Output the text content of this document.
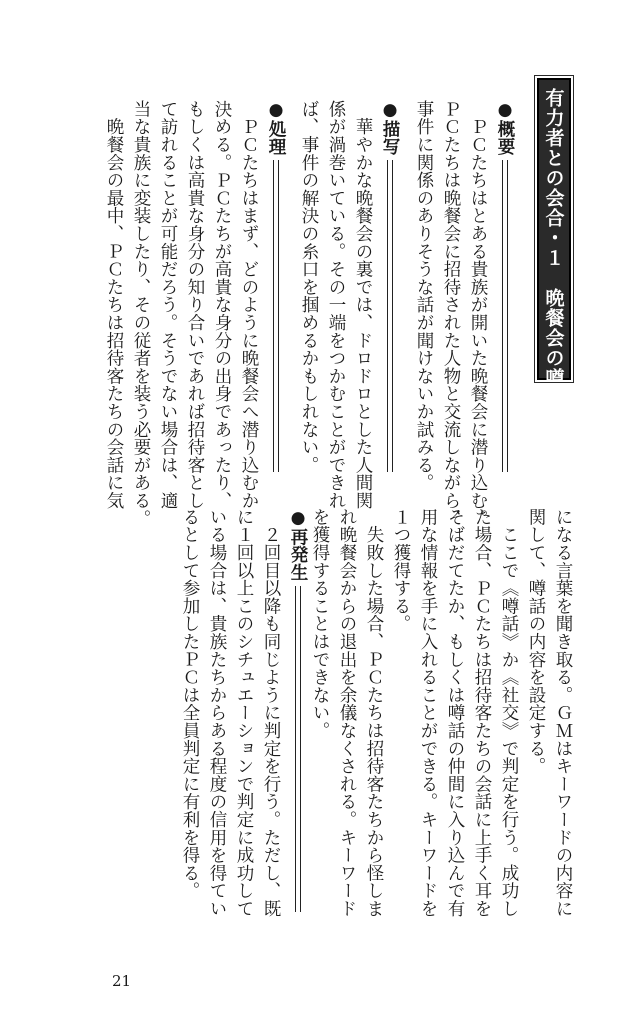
有力者との会合・１　晩餐会の噂
●
概要

　ＰＣたちはとある貴族が開いた晩餐会に潜り込む。

ＰＣたちは晩餐会に招待された人物と交流しながら、

事件に関係のありそうな話が聞けないか試みる。

●
描写

　華やかな晩餐会の裏では、ドロドロとした人間関

係が渦巻いている。その一端をつかむことができれ

ば、事件の解決の糸口を掴めるかもしれない。

●
処理

　ＰＣたちはまず、どのように晩餐会へ潜り込むか

決める。ＰＣたちが高貴な身分の出身であったり、

もしくは高貴な身分の知り合いであれば招待客とし

て訪れることが可能だろう。そうでない場合は、適

当な貴族に変装したり、その従者を装う必要がある。

　晩餐会の最中、ＰＣたちは招待客たちの会話に気

になる言葉を聞き取る。ＧＭはキーワードの内容に

関して、噂話の内容を設定する。

　ここで《噂話》か《社交》で判定を行う。成功し

た場合、ＰＣたちは招待客たちの会話に上手く耳を

そばだてたか、もしくは噂話の仲間に入り込んで有

用な情報を手に入れることができる。キーワードを

１つ獲得する。

　失敗した場合、ＰＣたちは招待客たちから怪しま

れ晩餐会からの退出を余儀なくされる。キーワード

を獲得することはできない。

●
再発生

　２回目以降も同じように判定を行う。ただし、既

に１回以上このシチュエーションで判定に成功して

いる場合は、貴族たちからある程度の信用を得てい

るとして参加したＰＣは全員判定に有利を得る。

21
